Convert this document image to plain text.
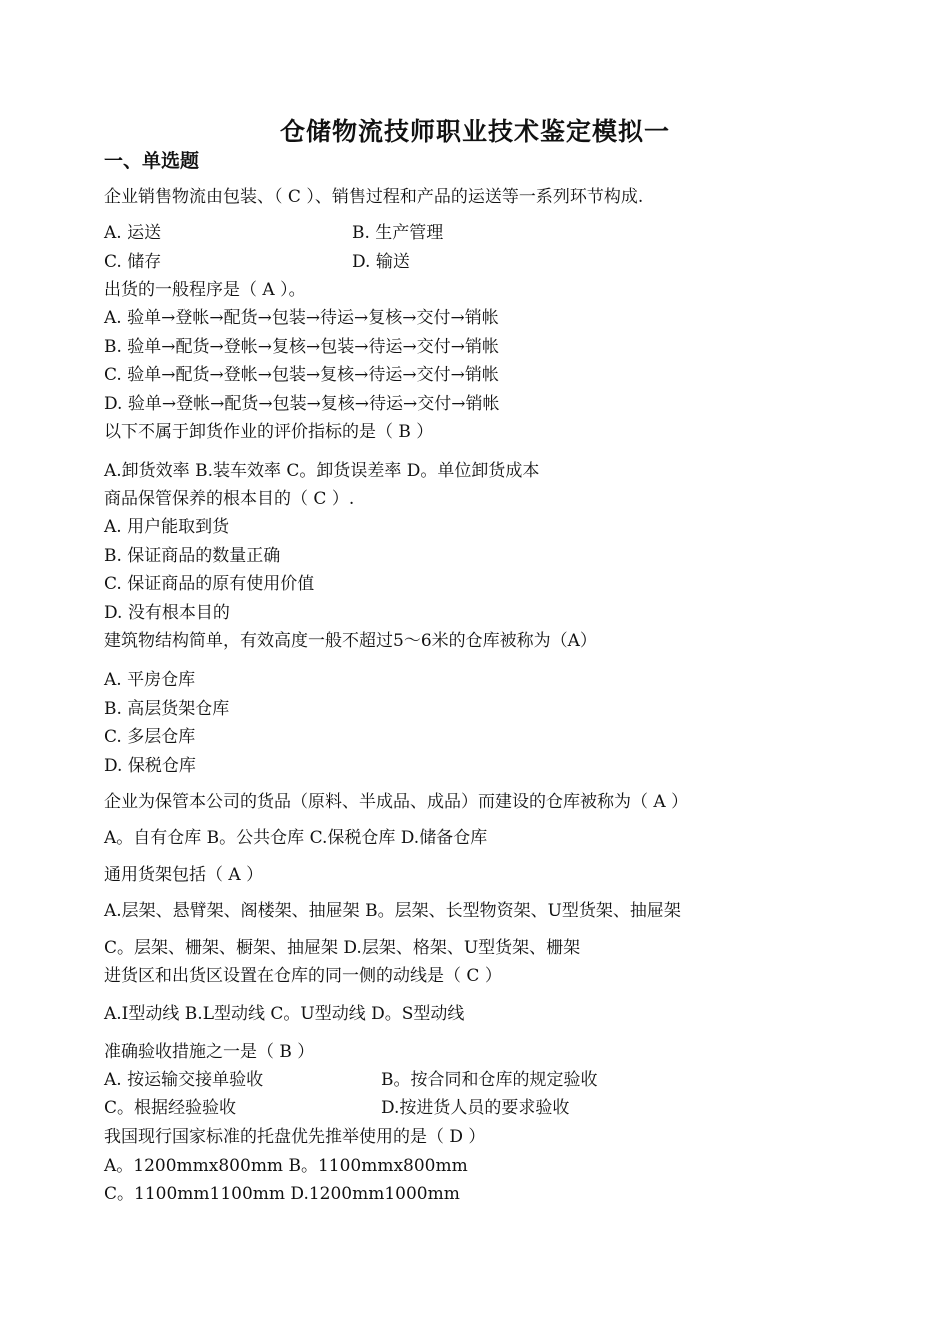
仓储物流技师职业技术鉴定模拟一
一、单选题
企业销售物流由包装、（ C ）、销售过程和产品的运送等一系列环节构成.
A. 运送	B. 生产管理
C. 储存	D. 输送
出货的一般程序是（ A ）。
A. 验单→登帐→配货→包装→待运→复核→交付→销帐
B. 验单→配货→登帐→复核→包装→待运→交付→销帐
C. 验单→配货→登帐→包装→复核→待运→交付→销帐
D. 验单→登帐→配货→包装→复核→待运→交付→销帐
以下不属于卸货作业的评价指标的是（ B ）
A.卸货效率 B.装车效率 C。卸货误差率 D。单位卸货成本
商品保管保养的根本目的（ C ）.
A. 用户能取到货
B. 保证商品的数量正确
C. 保证商品的原有使用价值
D. 没有根本目的
建筑物结构简单，有效高度一般不超过5～6米的仓库被称为（A）
A. 平房仓库
B. 高层货架仓库
C. 多层仓库
D. 保税仓库
企业为保管本公司的货品（原料、半成品、成品）而建设的仓库被称为（ A ）
A。自有仓库 B。公共仓库 C.保税仓库 D.储备仓库
通用货架包括（ A ）
A.层架、悬臂架、阁楼架、抽屉架 B。层架、长型物资架、U型货架、抽屉架
C。层架、栅架、橱架、抽屉架 D.层架、格架、U型货架、栅架
进货区和出货区设置在仓库的同一侧的动线是（ C ）
A.I型动线 B.L型动线 C。U型动线 D。S型动线
准确验收措施之一是（ B ）
A. 按运输交接单验收	B。按合同和仓库的规定验收
C。根据经验验收	D.按进货人员的要求验收
我国现行国家标准的托盘优先推举使用的是（ D ）
A。1200mmx800mm B。1100mmx800mm
C。1100mm1100mm D.1200mm1000mm
